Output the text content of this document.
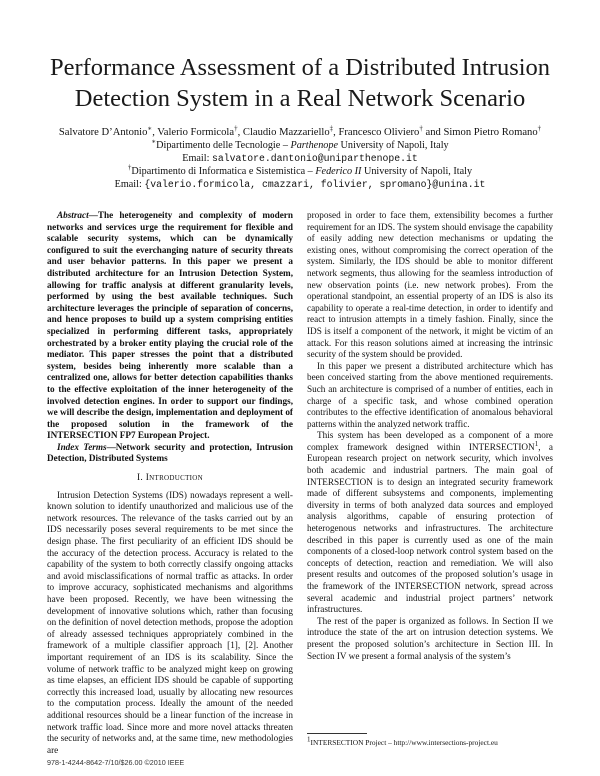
Performance Assessment of a Distributed Intrusion
Detection System in a Real Network Scenario
Salvatore D’Antonio∗, Valerio Formicola†, Claudio Mazzariello‡, Francesco Oliviero† and Simon Pietro Romano†
∗Dipartimento delle Tecnologie – Parthenope University of Napoli, Italy
Email: salvatore.dantonio@uniparthenope.it
†Dipartimento di Informatica e Sistemistica – Federico II University of Napoli, Italy
Email: {valerio.formicola, cmazzari, folivier, spromano}@unina.it

Abstract—The heterogeneity and complexity of modern networks and services urge the requirement for flexible and scalable security systems, which can be dynamically configured to suit the everchanging nature of security threats and user behavior patterns. In this paper we present a distributed architecture for an Intrusion Detection System, allowing for traffic analysis at different granularity levels, performed by using the best available techniques. Such architecture leverages the principle of separation of concerns, and hence proposes to build up a system comprising entities specialized in performing different tasks, appropriately orchestrated by a broker entity playing the crucial role of the mediator. This paper stresses the point that a distributed system, besides being inherently more scalable than a centralized one, allows for better detection capabilities thanks to the effective exploitation of the inner heterogeneity of the involved detection engines. In order to support our findings, we will describe the design, implementation and deployment of the proposed solution in the framework of the INTERSECTION FP7 European Project.

Index Terms—Network security and protection, Intrusion Detection, Distributed Systems

I. Introduction

Intrusion Detection Systems (IDS) nowadays represent a well-known solution to identify unauthorized and malicious use of the network resources. The relevance of the tasks carried out by an IDS necessarily poses several requirements to be met since the design phase. The first peculiarity of an efficient IDS should be the accuracy of the detection process. Accuracy is related to the capability of the system to both correctly classify ongoing attacks and avoid misclassifications of normal traffic as attacks. In order to improve accuracy, sophisticated mechanisms and algorithms have been proposed. Recently, we have been witnessing the development of innovative solutions which, rather than focusing on the definition of novel detection methods, propose the adoption of already assessed techniques appropriately combined in the framework of a multiple classifier approach [1], [2]. Another important requirement of an IDS is its scalability. Since the volume of network traffic to be analyzed might keep on growing as time elapses, an efficient IDS should be capable of supporting correctly this increased load, usually by allocating new resources to the computation process. Ideally the amount of the needed additional resources should be a linear function of the increase in network traffic load. Since more and more novel attacks threaten the security of networks and, at the same time, new methodologies are

proposed in order to face them, extensibility becomes a further requirement for an IDS. The system should envisage the capability of easily adding new detection mechanisms or updating the existing ones, without compromising the correct operation of the system. Similarly, the IDS should be able to monitor different network segments, thus allowing for the seamless introduction of new observation points (i.e. new network probes). From the operational standpoint, an essential property of an IDS is also its capability to operate a real-time detection, in order to identify and react to intrusion attempts in a timely fashion. Finally, since the IDS is itself a component of the network, it might be victim of an attack. For this reason solutions aimed at increasing the intrinsic security of the system should be provided.

In this paper we present a distributed architecture which has been conceived starting from the above mentioned requirements. Such an architecture is comprised of a number of entities, each in charge of a specific task, and whose combined operation contributes to the effective identification of anomalous behavioral patterns within the analyzed network traffic.

This system has been developed as a component of a more complex framework designed within INTERSECTION$^1$, a European research project on network security, which involves both academic and industrial partners. The main goal of INTERSECTION is to design an integrated security framework made of different subsystems and components, implementing diversity in terms of both analyzed data sources and employed analysis algorithms, capable of ensuring protection of heterogenous networks and infrastructures. The architecture described in this paper is currently used as one of the main components of a closed-loop network control system based on the concepts of detection, reaction and remediation. We will also present results and outcomes of the proposed solution’s usage in the framework of the INTERSECTION network, spread across several academic and industrial project partners’ network infrastructures.

The rest of the paper is organized as follows. In Section II we introduce the state of the art on intrusion detection systems. We present the proposed solution’s architecture in Section III. In Section IV we present a formal analysis of the system’s

$^1$INTERSECTION Project – http://www.intersections-project.eu
978-1-4244-8642-7/10/$26.00 ©2010 IEEE
